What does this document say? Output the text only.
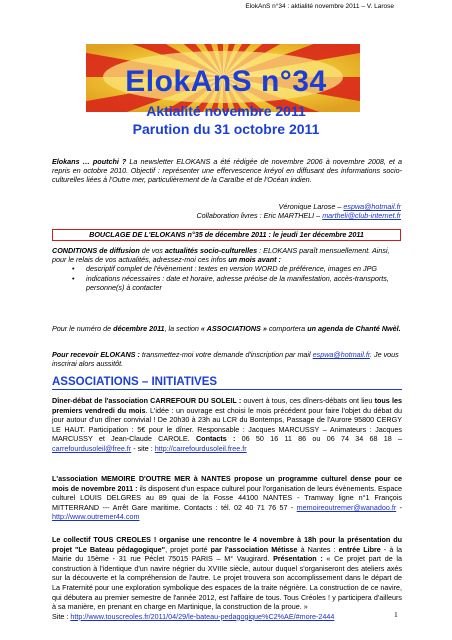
ElokAnS n°34 : aktialité novembre 2011 – V. Larose
ElokAnS n°34
Aktialité novembre 2011
Parution du 31 octobre 2011
Elokans … poutchi ? La newsletter ELOKANS a été rédigée de novembre 2006 à novembre 2008, et a repris en octobre 2010. Objectif : représenter une effervescence kréyol en diffusant des informations socio-culturelles liées à l'Outre mer, particulièrement de la Caraïbe et de l'Océan indien.
Véronique Larose – espwa@hotmail.fr
Collaboration livres : Eric MARTHELI – martheli@club-internet.fr
BOUCLAGE DE L'ELOKANS n°35 de décembre 2011 : le jeudi 1er décembre 2011
CONDITIONS de diffusion de vos actualités socio-culturelles : ELOKANS paraît mensuellement. Ainsi, pour le relais de vos actualités, adressez-moi ces infos un mois avant :
• descriptif complet de l'évènement : textes en version WORD de préférence, images en JPG
• indications nécessaires : date et horaire, adresse précise de la manifestation, accès-transports, personne(s) à contacter
Pour le numéro de décembre 2011, la section « ASSOCIATIONS » comportera un agenda de Chanté Nwèl.
Pour recevoir ELOKANS : transmettez-moi votre demande d'inscription par mail espwa@hotmail.fr. Je vous inscrirai alors aussitôt.
ASSOCIATIONS – INITIATIVES
Dîner-débat de l'association CARREFOUR DU SOLEIL : ouvert à tous, ces dîners-débats ont lieu tous les premiers vendredi du mois. L'idée : un ouvrage est choisi le mois précédent pour faire l'objet du débat du jour autour d'un dîner convivial ! De 20h30 à 23h au LCR du Bontemps, Passage de l'Aurore 95800 CERGY LE HAUT. Participation : 5€ pour le dîner. Responsable : Jacques MARCUSSY – Animateurs : Jacques MARCUSSY et Jean-Claude CAROLE. Contacts : 06 50 16 11 86 ou 06 74 34 68 18 – carrefourdusoleil@free.fr - site : http://carrefourdusoleil.free.fr
L'association MEMOIRE D'OUTRE MER à NANTES propose un programme culturel dense pour ce mois de novembre 2011 : ils disposent d'un espace culturel pour l'organisation de leurs évènements. Espace culturel LOUIS DELGRES au 89 quai de la Fosse 44100 NANTES - Tramway ligne n°1 François MITTERRAND --- Arrêt Gare maritime. Contacts : tél. 02 40 71 76 57 - memoireoutremer@wanadoo.fr - http://www.outremer44.com
Le collectif TOUS CREOLES ! organise une rencontre le 4 novembre à 18h pour la présentation du projet "Le Bateau pédagogique", projet porté par l'association Métisse à Nantes : entrée Libre - à la Mairie du 15ème - 31 rue Péclet 75015 PARIS – M° Vaugirard. Présentation : « Ce projet part de la construction à l'identique d'un navire négrier du XVIIIe siècle, autour duquel s'organiseront des ateliers axés sur la découverte et la compréhension de l'autre. Le projet trouvera son accomplissement dans le départ de La Fraternité pour une exploration symbolique des espaces de la traite négrière. La construction de ce navire, qui débutera au premier semestre de l'année 2012, est l'affaire de tous. Tous Créoles ! y participera d'ailleurs à sa manière, en prenant en charge en Martinique, la construction de la proue. »
Site : http://www.touscreoles.fr/2011/04/29/le-bateau-pedagogique%C2%AE/#more-2444	1
